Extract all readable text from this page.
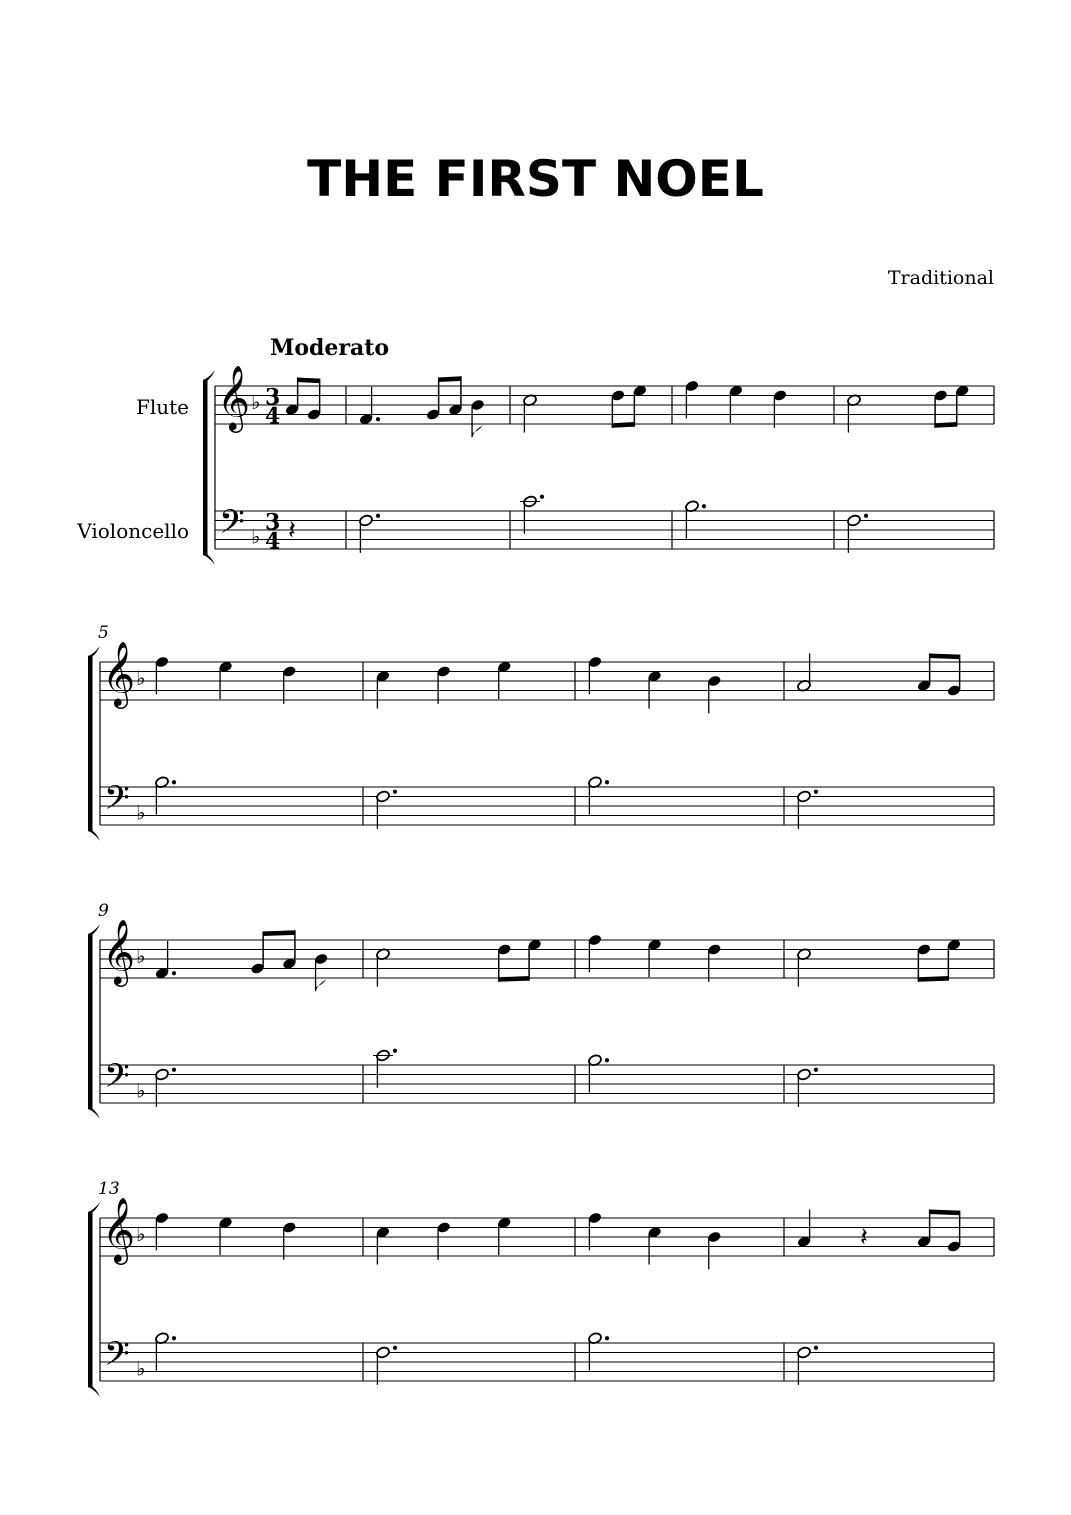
THE FIRST NOEL
Traditional
Moderato
Flute
Violoncello
5
9
13
𝄞
𝄢
♭
♭
3
4
3
4 𝄽
𝄞
𝄢
♭
♭
𝄞
𝄢
♭
♭
𝄞
𝄢
♭
♭
𝄽
